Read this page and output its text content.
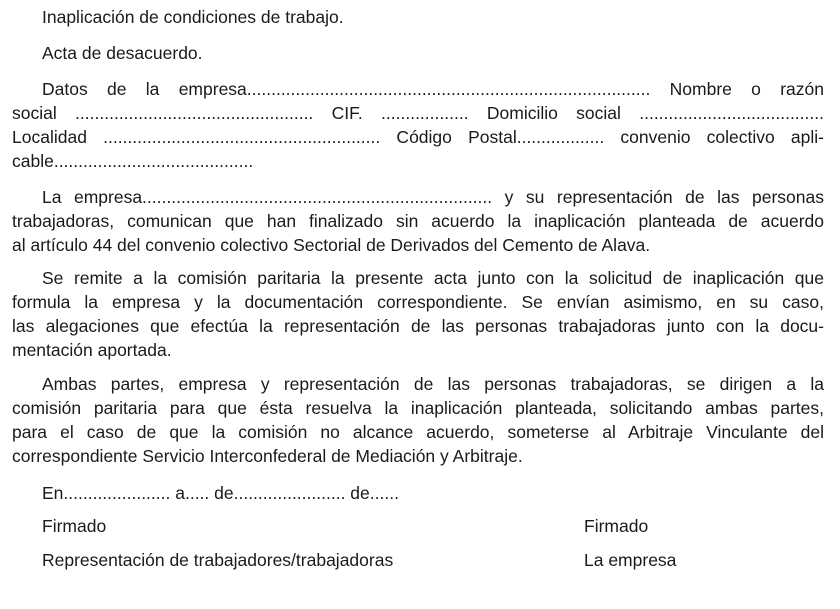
Inaplicación de condiciones de trabajo.
Acta de desacuerdo.
Datos de la empresa................................................................................... Nombre o razón
social ................................................. CIF. .................. Domicilio social ......................................
Localidad ......................................................... Código Postal.................. convenio colectivo apli-
cable.........................................
La empresa........................................................................ y su representación de las personas
trabajadoras, comunican que han finalizado sin acuerdo la inaplicación planteada de acuerdo
al artículo 44 del convenio colectivo Sectorial de Derivados del Cemento de Alava.
Se remite a la comisión paritaria la presente acta junto con la solicitud de inaplicación que
formula la empresa y la documentación correspondiente. Se envían asimismo, en su caso,
las alegaciones que efectúa la representación de las personas trabajadoras junto con la docu-
mentación aportada.
Ambas partes, empresa y representación de las personas trabajadoras, se dirigen a la
comisión paritaria para que ésta resuelva la inaplicación planteada, solicitando ambas partes,
para el caso de que la comisión no alcance acuerdo, someterse al Arbitraje Vinculante del
correspondiente Servicio Interconfederal de Mediación y Arbitraje.
En...................... a..... de....................... de......
Firmado	Firmado
Representación de trabajadores/trabajadoras	La empresa
